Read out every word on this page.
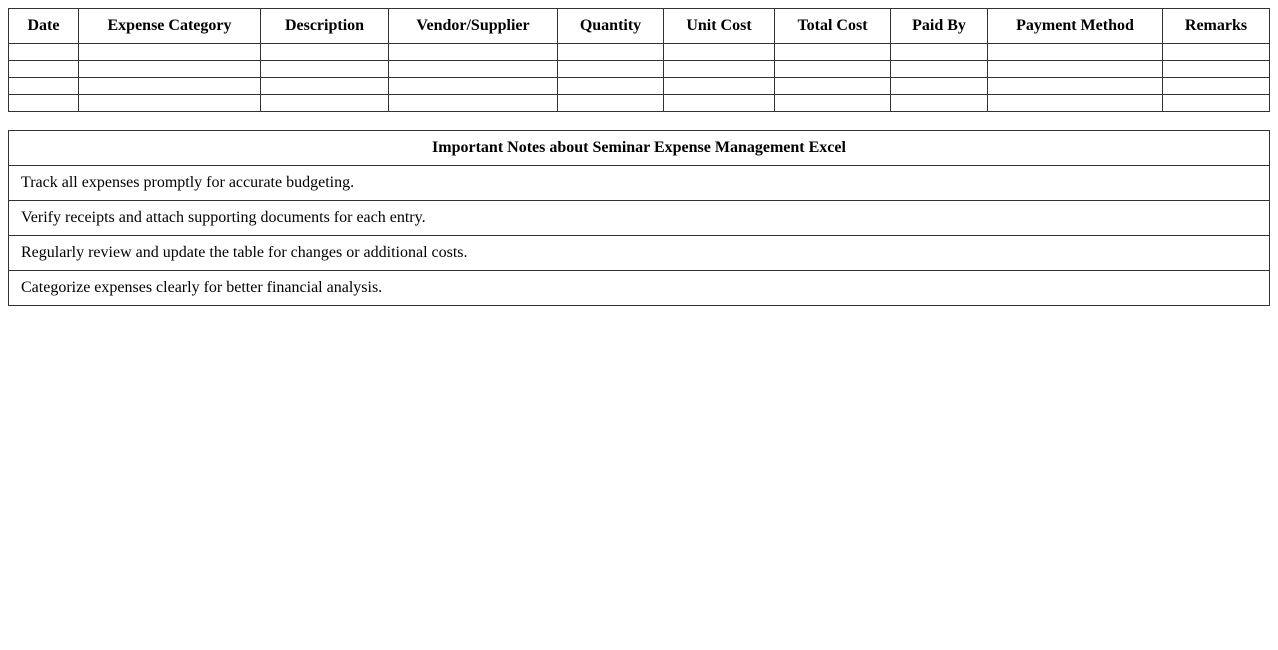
Date	Expense Category	Description	Vendor/Supplier	Quantity	Unit Cost	Total Cost	Paid By	Payment Method	Remarks

Important Notes about Seminar Expense Management Excel
Track all expenses promptly for accurate budgeting.
Verify receipts and attach supporting documents for each entry.
Regularly review and update the table for changes or additional costs.
Categorize expenses clearly for better financial analysis.
